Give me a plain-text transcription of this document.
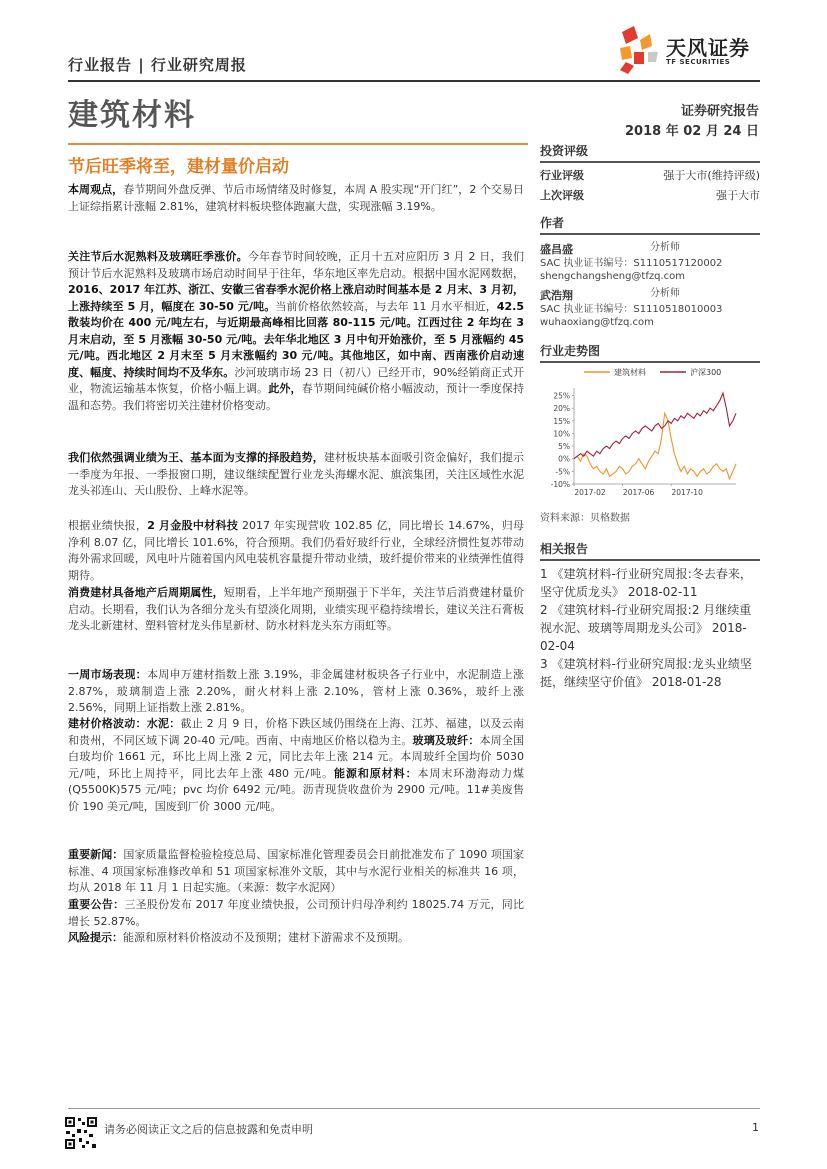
行业报告 | 行业研究周报
天风证券
TF SECURITIES
建筑材料	证券研究报告
2018 年 02 月 24 日
节后旺季将至，建材量价启动
本周观点，春节期间外盘反弹、节后市场情绪及时修复，本周 A 股实现“开门红”，2 个交易日上证综指累计涨幅 2.81%，建筑材料板块整体跑赢大盘，实现涨幅 3.19%。
关注节后水泥熟料及玻璃旺季涨价。今年春节时间较晚，正月十五对应阳历 3 月 2 日，我们预计节后水泥熟料及玻璃市场启动时间早于往年，华东地区率先启动。根据中国水泥网数据，2016、2017 年江苏、浙江、安徽三省春季水泥价格上涨启动时间基本是 2 月末、3 月初，上涨持续至 5 月，幅度在 30-50 元/吨。当前价格依然较高，与去年 11 月水平相近，42.5 散装均价在 400 元/吨左右，与近期最高峰相比回落 80-115 元/吨。江西过往 2 年均在 3 月末启动，至 5 月涨幅 30-50 元/吨。去年华北地区 3 月中旬开始涨价，至 5 月涨幅约 45 元/吨。西北地区 2 月末至 5 月末涨幅约 30 元/吨。其他地区，如中南、西南涨价启动速度、幅度、持续时间均不及华东。沙河玻璃市场 23 日（初八）已经开市，90%经销商正式开业，物流运输基本恢复，价格小幅上调。此外，春节期间纯碱价格小幅波动，预计一季度保持温和态势。我们将密切关注建材价格变动。
我们依然强调业绩为王、基本面为支撑的择股趋势，建材板块基本面吸引资金偏好，我们提示一季度为年报、一季报窗口期，建议继续配置行业龙头海螺水泥、旗滨集团，关注区域性水泥龙头祁连山、天山股份、上峰水泥等。
根据业绩快报，2 月金股中材科技 2017 年实现营收 102.85 亿，同比增长 14.67%，归母净利 8.07 亿，同比增长 101.6%，符合预期。我们仍看好玻纤行业，全球经济惯性复苏带动海外需求回暖，风电叶片随着国内风电装机容量提升带动业绩，玻纤提价带来的业绩弹性值得期待。
消费建材具备地产后周期属性，短期看，上半年地产预期强于下半年，关注节后消费建材量价启动。长期看，我们认为各细分龙头有望淡化周期，业绩实现平稳持续增长，建议关注石膏板龙头北新建材、塑料管材龙头伟星新材、防水材料龙头东方雨虹等。
一周市场表现：本周申万建材指数上涨 3.19%，非金属建材板块各子行业中，水泥制造上涨 2.87%，玻璃制造上涨 2.20%，耐火材料上涨 2.10%，管材上涨 0.36%，玻纤上涨 2.56%，同期上证指数上涨 2.81%。
建材价格波动：水泥：截止 2 月 9 日，价格下跌区域仍围绕在上海、江苏、福建，以及云南和贵州，不同区域下调 20-40 元/吨。西南、中南地区价格以稳为主。玻璃及玻纤：本周全国白玻均价 1661 元，环比上周上涨 2 元，同比去年上涨 214 元。本周玻纤全国均价 5030 元/吨，环比上周持平，同比去年上涨 480 元/吨。能源和原材料：本周末环渤海动力煤(Q5500K)575 元/吨；pvc 均价 6492 元/吨。沥青现货收盘价为 2900 元/吨。11#美废售价 190 美元/吨，国废到厂价 3000 元/吨。
重要新闻：国家质量监督检验检疫总局、国家标准化管理委员会日前批准发布了 1090 项国家标准、4 项国家标准修改单和 51 项国家标准外文版，其中与水泥行业相关的标准共 16 项，均从 2018 年 11 月 1 日起实施。（来源：数字水泥网）
重要公告：三圣股份发布 2017 年度业绩快报，公司预计归母净利约 18025.74 万元，同比增长 52.87%。
风险提示：能源和原材料价格波动不及预期；建材下游需求不及预期。
投资评级
行业评级	强于大市(维持评级)
上次评级	强于大市
作者
盛昌盛	分析师
SAC 执业证书编号：S1110517120002
shengchangsheng@tfzq.com
武浩翔	分析师
SAC 执业证书编号：S1110518010003
wuhaoxiang@tfzq.com
行业走势图
-10%
-5%
0%
5%
10%
15%
20%
25%
2017-02 2017-06 2017-10
建筑材料	沪深300
资料来源：贝格数据
相关报告
1 《建筑材料-行业研究周报:冬去春来，坚守优质龙头》 2018-02-11
2 《建筑材料-行业研究周报:2 月继续重视水泥、玻璃等周期龙头公司》 2018-02-04
3 《建筑材料-行业研究周报:龙头业绩坚挺，继续坚守价值》 2018-01-28
请务必阅读正文之后的信息披露和免责申明	1
